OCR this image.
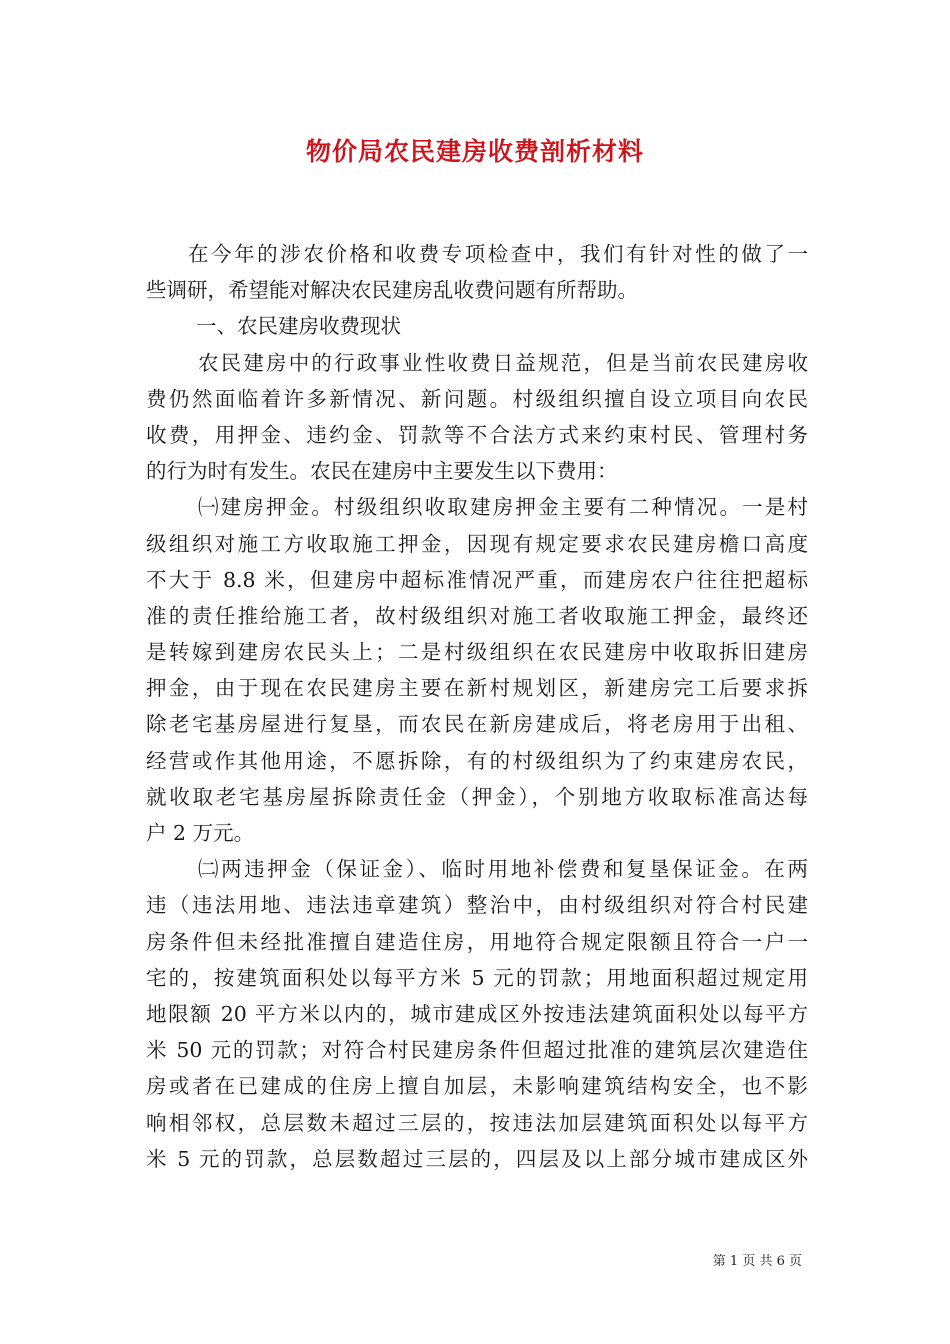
物价局农民建房收费剖析材料
在今年的涉农价格和收费专项检查中，我们有针对性的做了一
些调研，希望能对解决农民建房乱收费问题有所帮助。
一、农民建房收费现状
农民建房中的行政事业性收费日益规范，但是当前农民建房收
费仍然面临着许多新情况、新问题。村级组织擅自设立项目向农民
收费，用押金、违约金、罚款等不合法方式来约束村民、管理村务
的行为时有发生。农民在建房中主要发生以下费用：
㈠建房押金。村级组织收取建房押金主要有二种情况。一是村
级组织对施工方收取施工押金，因现有规定要求农民建房檐口高度
不大于 8.8 米，但建房中超标准情况严重，而建房农户往往把超标
准的责任推给施工者，故村级组织对施工者收取施工押金，最终还
是转嫁到建房农民头上；二是村级组织在农民建房中收取拆旧建房
押金，由于现在农民建房主要在新村规划区，新建房完工后要求拆
除老宅基房屋进行复垦，而农民在新房建成后，将老房用于出租、
经营或作其他用途，不愿拆除，有的村级组织为了约束建房农民，
就收取老宅基房屋拆除责任金（押金），个别地方收取标准高达每
户 2 万元。
㈡两违押金（保证金）、临时用地补偿费和复垦保证金。在两
违（违法用地、违法违章建筑）整治中，由村级组织对符合村民建
房条件但未经批准擅自建造住房，用地符合规定限额且符合一户一
宅的，按建筑面积处以每平方米 5 元的罚款；用地面积超过规定用
地限额 20 平方米以内的，城市建成区外按违法建筑面积处以每平方
米 50 元的罚款；对符合村民建房条件但超过批准的建筑层次建造住
房或者在已建成的住房上擅自加层，未影响建筑结构安全，也不影
响相邻权，总层数未超过三层的，按违法加层建筑面积处以每平方
米 5 元的罚款，总层数超过三层的，四层及以上部分城市建成区外
第 1 页 共 6 页
